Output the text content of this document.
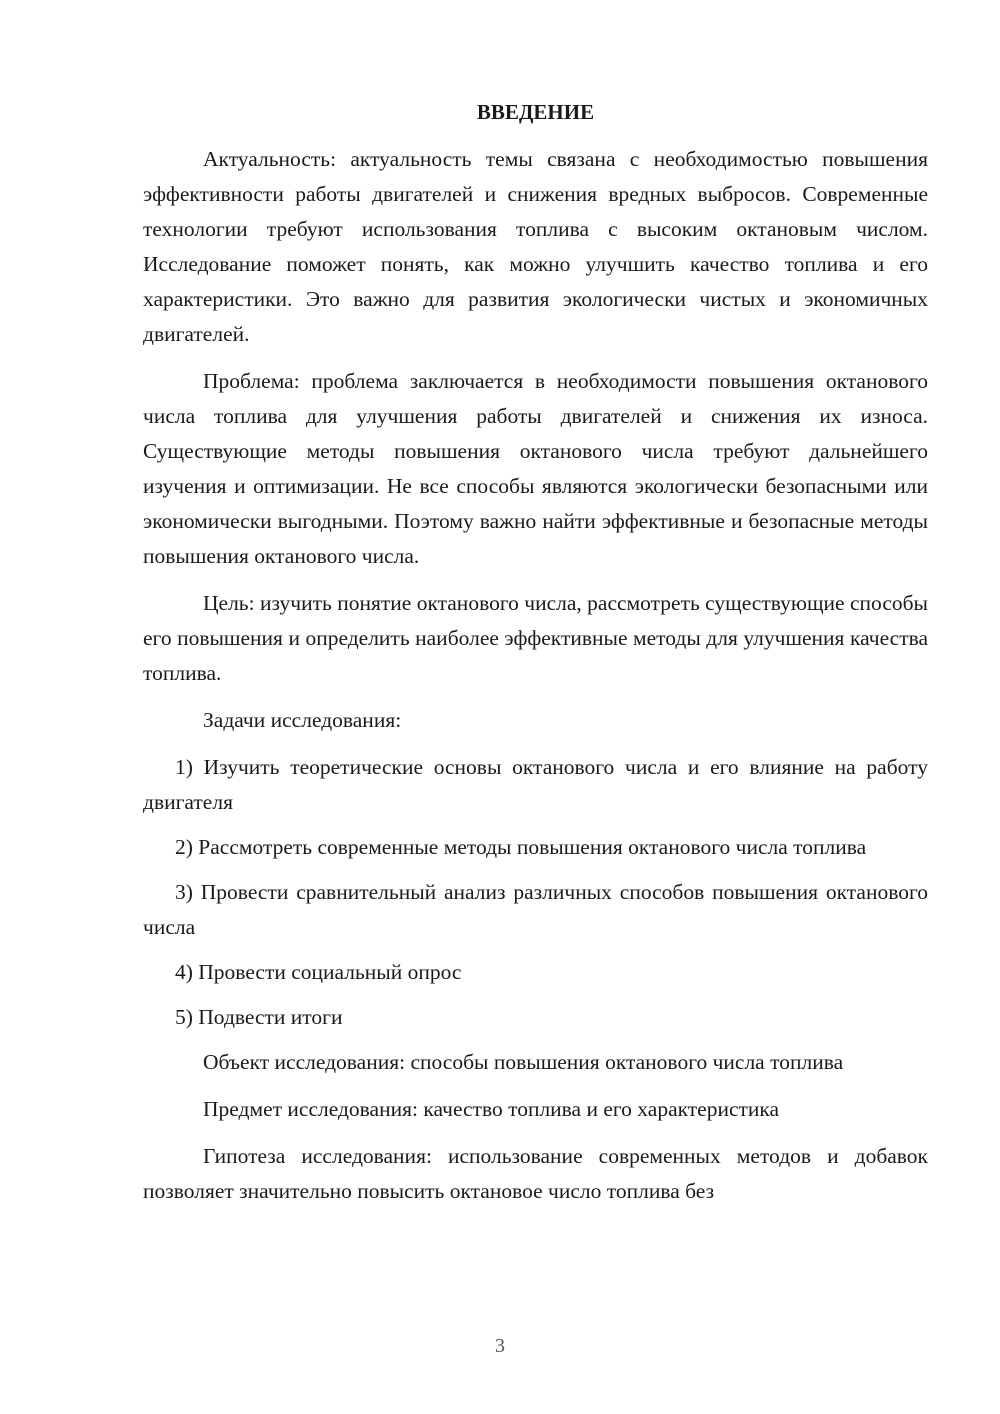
ВВЕДЕНИЕ

Актуальность: актуальность темы связана с необходимостью повышения эффективности работы двигателей и снижения вредных выбросов. Современные технологии требуют использования топлива с высоким октановым числом. Исследование поможет понять, как можно улучшить качество топлива и его характеристики. Это важно для развития экологически чистых и экономичных двигателей.

Проблема: проблема заключается в необходимости повышения октанового числа топлива для улучшения работы двигателей и снижения их износа. Существующие методы повышения октанового числа требуют дальнейшего изучения и оптимизации. Не все способы являются экологически безопасными или экономически выгодными. Поэтому важно найти эффективные и безопасные методы повышения октанового числа.

Цель: изучить понятие октанового числа, рассмотреть существующие способы его повышения и определить наиболее эффективные методы для улучшения качества топлива.

Задачи исследования:

1) Изучить теоретические основы октанового числа и его влияние на работу двигателя

2) Рассмотреть современные методы повышения октанового числа топлива

3) Провести сравнительный анализ различных способов повышения октанового числа

4) Провести социальный опрос

5) Подвести итоги

Объект исследования: способы повышения октанового числа топлива

Предмет исследования: качество топлива и его характеристика

Гипотеза исследования: использование современных методов и добавок позволяет значительно повысить октановое число топлива без

3
